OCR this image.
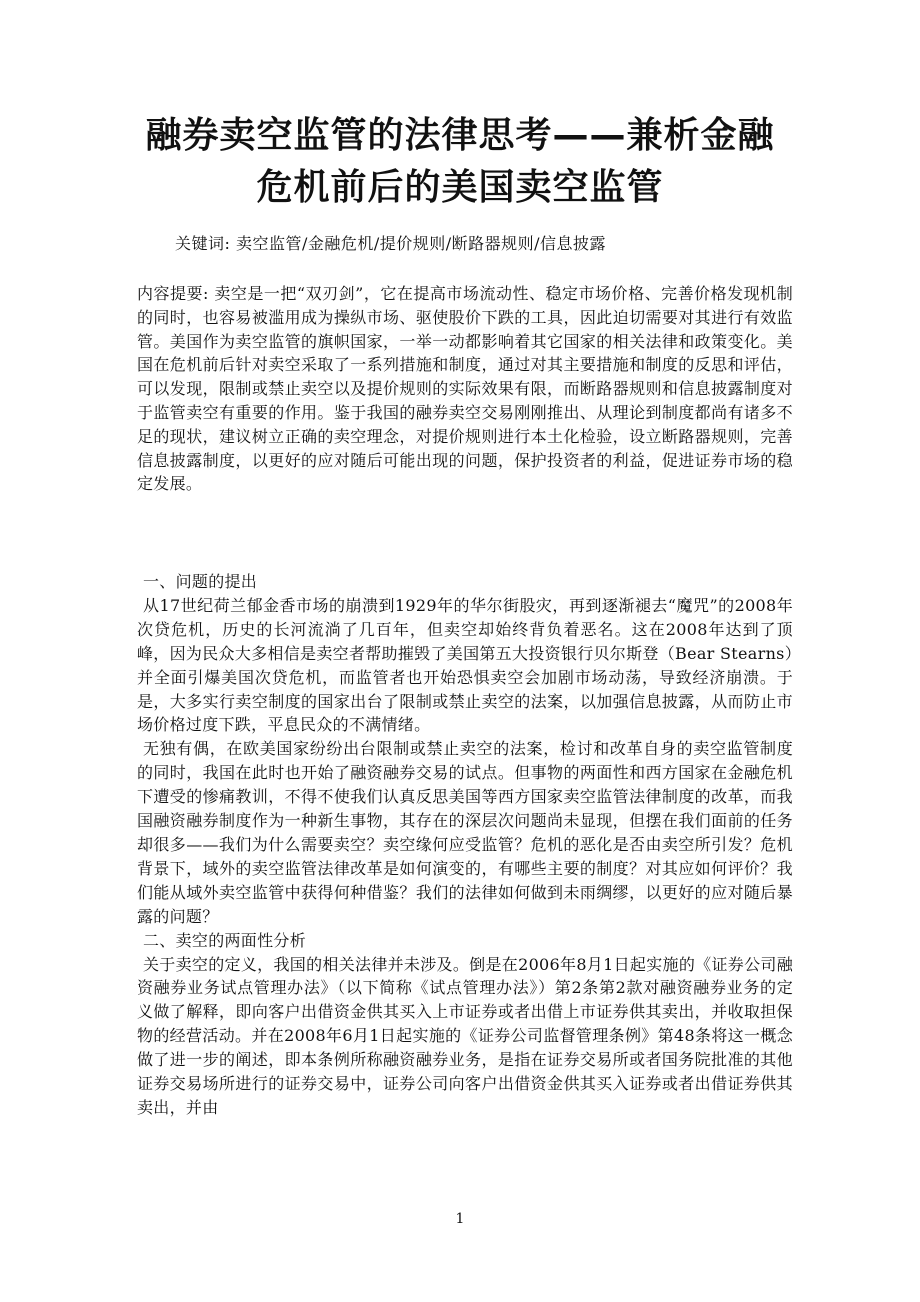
融券卖空监管的法律思考——兼析金融
危机前后的美国卖空监管
关键词: 卖空监管/金融危机/提价规则/断路器规则/信息披露

内容提要: 卖空是一把“双刃剑”，它在提高市场流动性、稳定市场价格、完善价格发现机制的同时，也容易被滥用成为操纵市场、驱使股价下跌的工具，因此迫切需要对其进行有效监管。美国作为卖空监管的旗帜国家，一举一动都影响着其它国家的相关法律和政策变化。美国在危机前后针对卖空采取了一系列措施和制度，通过对其主要措施和制度的反思和评估，可以发现，限制或禁止卖空以及提价规则的实际效果有限，而断路器规则和信息披露制度对于监管卖空有重要的作用。鉴于我国的融券卖空交易刚刚推出、从理论到制度都尚有诸多不足的现状，建议树立正确的卖空理念，对提价规则进行本土化检验，设立断路器规则，完善信息披露制度，以更好的应对随后可能出现的问题，保护投资者的利益，促进证券市场的稳定发展。

一、问题的提出

从17世纪荷兰郁金香市场的崩溃到1929年的华尔街股灾，再到逐渐褪去“魔咒”的2008年次贷危机，历史的长河流淌了几百年，但卖空却始终背负着恶名。这在2008年达到了顶峰，因为民众大多相信是卖空者帮助摧毁了美国第五大投资银行贝尔斯登（Bear Stearns）并全面引爆美国次贷危机，而监管者也开始恐惧卖空会加剧市场动荡，导致经济崩溃。于是，大多实行卖空制度的国家出台了限制或禁止卖空的法案，以加强信息披露，从而防止市场价格过度下跌，平息民众的不满情绪。

无独有偶，在欧美国家纷纷出台限制或禁止卖空的法案，检讨和改革自身的卖空监管制度的同时，我国在此时也开始了融资融券交易的试点。但事物的两面性和西方国家在金融危机下遭受的惨痛教训，不得不使我们认真反思美国等西方国家卖空监管法律制度的改革，而我国融资融券制度作为一种新生事物，其存在的深层次问题尚未显现，但摆在我们面前的任务却很多——我们为什么需要卖空？卖空缘何应受监管？危机的恶化是否由卖空所引发？危机背景下，域外的卖空监管法律改革是如何演变的，有哪些主要的制度？对其应如何评价？我们能从域外卖空监管中获得何种借鉴？我们的法律如何做到未雨绸缪，以更好的应对随后暴露的问题？

二、卖空的两面性分析

关于卖空的定义，我国的相关法律并未涉及。倒是在2006年8月1日起实施的《证券公司融资融券业务试点管理办法》（以下简称《试点管理办法》）第2条第2款对融资融券业务的定义做了解释，即向客户出借资金供其买入上市证券或者出借上市证券供其卖出，并收取担保物的经营活动。并在2008年6月1日起实施的《证券公司监督管理条例》第48条将这一概念做了进一步的阐述，即本条例所称融资融券业务，是指在证券交易所或者国务院批准的其他证券交易场所进行的证券交易中，证券公司向客户出借资金供其买入证券或者出借证券供其卖出，并由

1
